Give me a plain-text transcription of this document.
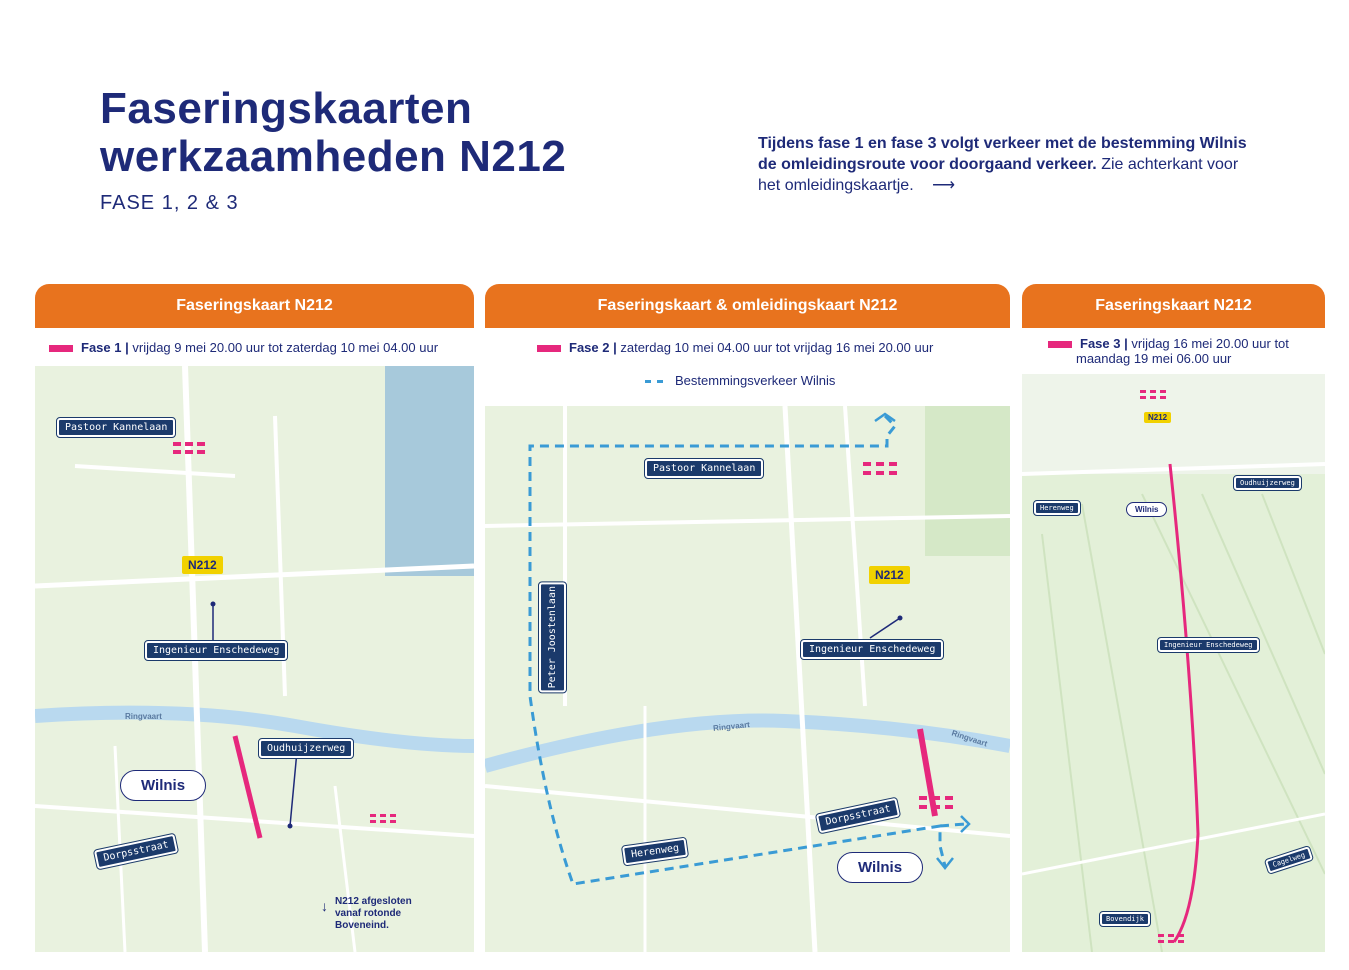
Faseringskaarten
werkzaamheden N212
FASE 1, 2 & 3
Tijdens fase 1 en fase 3 volgt verkeer met de bestemming Wilnis de omleidingsroute voor doorgaand verkeer. Zie achterkant voor het omleidingskaartje. ⟶
Faseringskaart N212
Fase 1 | vrijdag 9 mei 20.00 uur tot zaterdag 10 mei 04.00 uur
Pastoor Kannelaan
N212
Ingenieur Enschedeweg
Ringvaart
Oudhuijzerweg
Wilnis
Dorpsstraat
↓ N212 afgesloten
vanaf rotonde
Boveneind.
Faseringskaart & omleidingskaart N212
Fase 2 | zaterdag 10 mei 04.00 uur tot vrijdag 16 mei 20.00 uur
Bestemmingsverkeer Wilnis
Pastoor Kannelaan
Peter Joostenlaan
N212
Ingenieur Enschedeweg
Ringvaart
Ringvaart
Dorpsstraat
Herenweg
Wilnis
Faseringskaart N212
Fase 3 | vrijdag 16 mei 20.00 uur tot
maandag 19 mei 06.00 uur
N212
Herenweg	Wilnis
Oudhuijzerweg
Ingenieur Enschedeweg
Cagelweg
Bovendijk
